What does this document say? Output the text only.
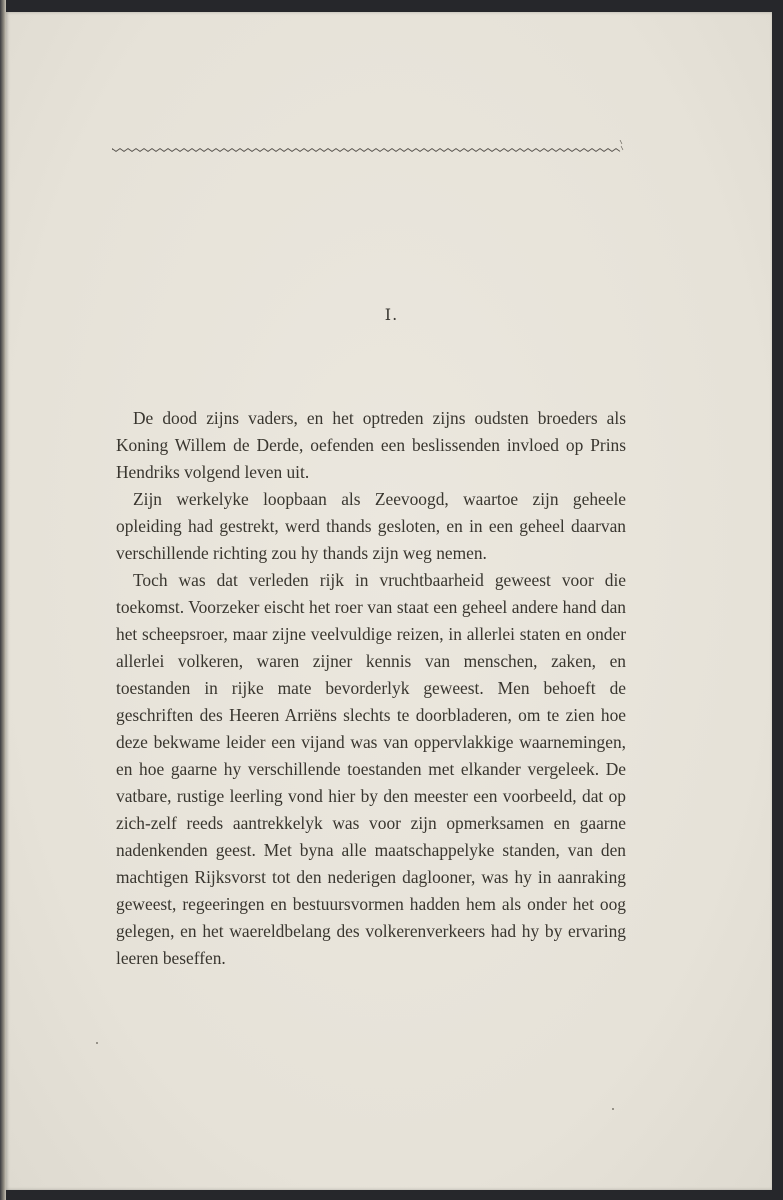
I.

De dood zijns vaders, en het optreden zijns oudsten broeders als Koning Willem de Derde, oefenden een beslissenden invloed op Prins Hendriks volgend leven uit.

Zijn werkelyke loopbaan als Zeevoogd, waartoe zijn geheele opleiding had gestrekt, werd thands gesloten, en in een geheel daarvan verschillende richting zou hy thands zijn weg nemen.

Toch was dat verleden rijk in vruchtbaarheid geweest voor die toekomst. Voorzeker eischt het roer van staat een geheel andere hand dan het scheepsroer, maar zijne veelvuldige reizen, in allerlei staten en onder allerlei volkeren, waren zijner kennis van menschen, zaken, en toestanden in rijke mate bevorderlyk geweest. Men behoeft de geschriften des Heeren Arriëns slechts te doorbladeren, om te zien hoe deze bekwame leider een vijand was van oppervlakkige waarnemingen, en hoe gaarne hy verschillende toestanden met elkander vergeleek. De vatbare, rustige leerling vond hier by den meester een voorbeeld, dat op zich-zelf reeds aantrekkelyk was voor zijn opmerksamen en gaarne nadenkenden geest. Met byna alle maatschappelyke standen, van den machtigen Rijksvorst tot den nederigen daglooner, was hy in aanraking geweest, regeeringen en bestuursvormen hadden hem als onder het oog gelegen, en het waereldbelang des volkerenverkeers had hy by ervaring leeren beseffen.
